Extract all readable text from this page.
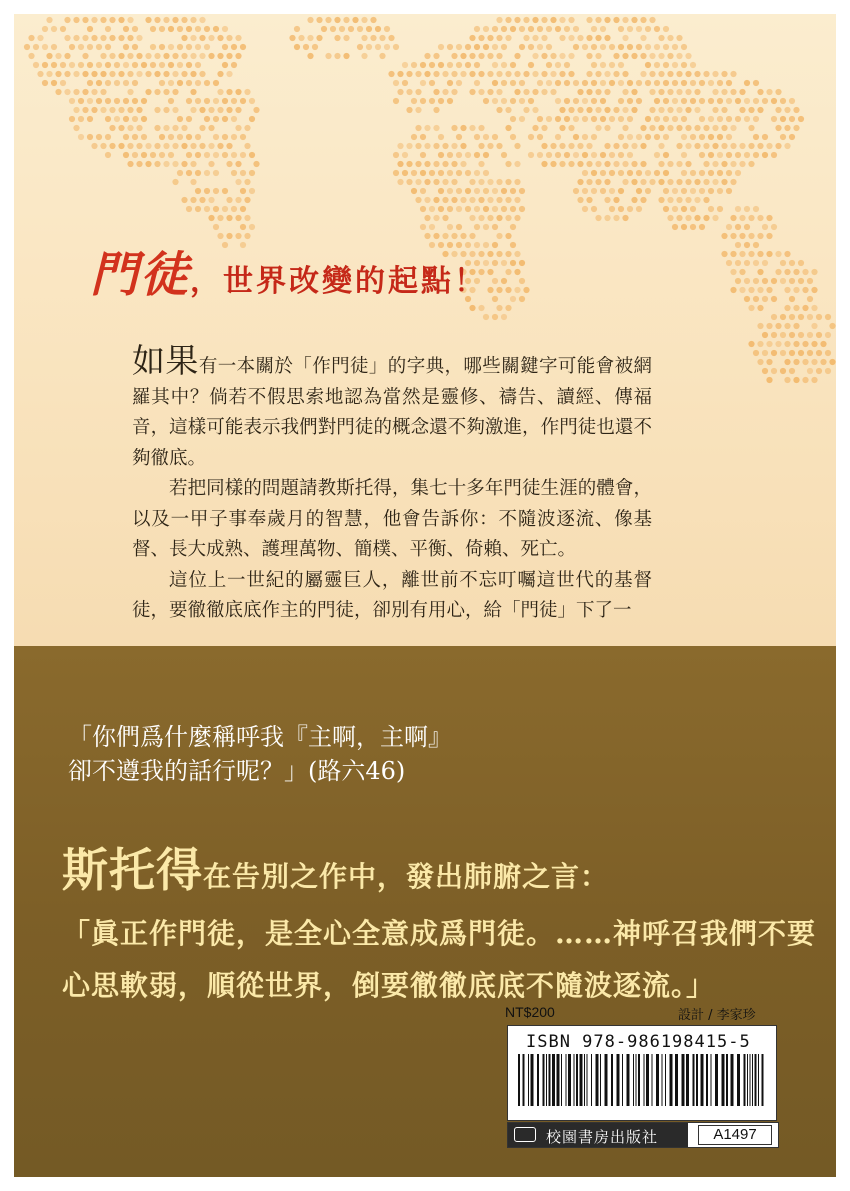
門徒，世界改變的起點！

如果有一本關於「作門徒」的字典，哪些關鍵字可能會被網羅其中？倘若不假思索地認為當然是靈修、禱告、讀經、傳福音，這樣可能表示我們對門徒的概念還不夠激進，作門徒也還不夠徹底。

若把同樣的問題請教斯托得，集七十多年門徒生涯的體會，以及一甲子事奉歲月的智慧，他會告訴你：不隨波逐流、像基督、長大成熟、護理萬物、簡樸、平衡、倚賴、死亡。

這位上一世紀的屬靈巨人，離世前不忘叮囑這世代的基督徒，要徹徹底底作主的門徒，卻別有用心，給「門徒」下了一

「你們爲什麼稱呼我『主啊，主啊』
卻不遵我的話行呢？」(路六46)
斯托得在告別之作中，發出肺腑之言：
「眞正作門徒，是全心全意成爲門徒。……神呼召我們不要心思軟弱，順從世界，倒要徹徹底底不隨波逐流。」
NT$200	設計 / 李家珍
ISBN 978-986198415-5
校園書房出版社	A1497
